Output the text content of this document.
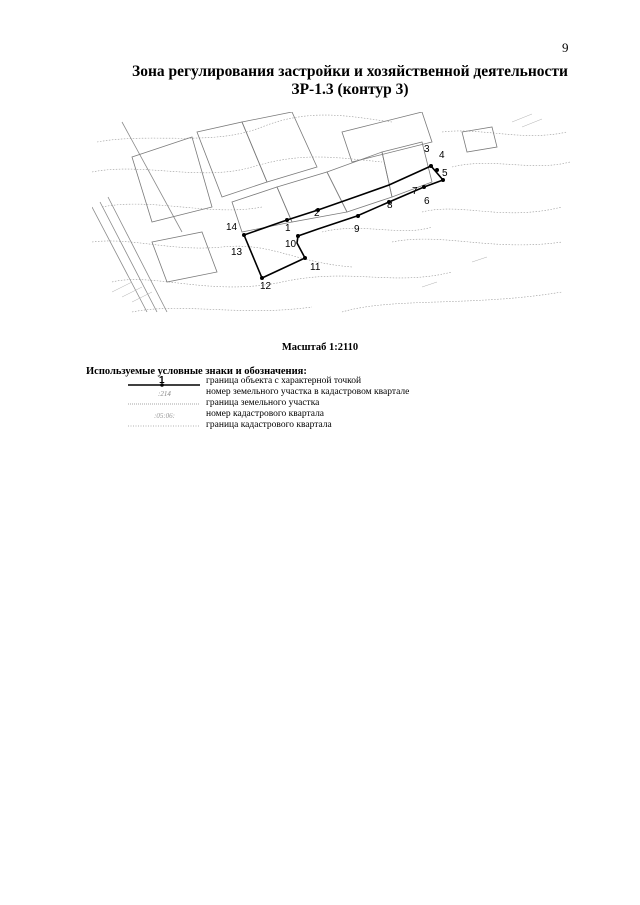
9
Зона регулирования застройки и хозяйственной деятельности
ЗР-1.3 (контур 3)
1
2
3
4
5
6
7
8
9
10
11
12
13
14
Масштаб 1:2110
Используемые условные знаки и обозначения:
1	граница объекта с характерной точкой
:214	номер земельного участка в кадастровом квартале
граница земельного участка
:05:06:	номер кадастрового квартала
граница кадастрового квартала
